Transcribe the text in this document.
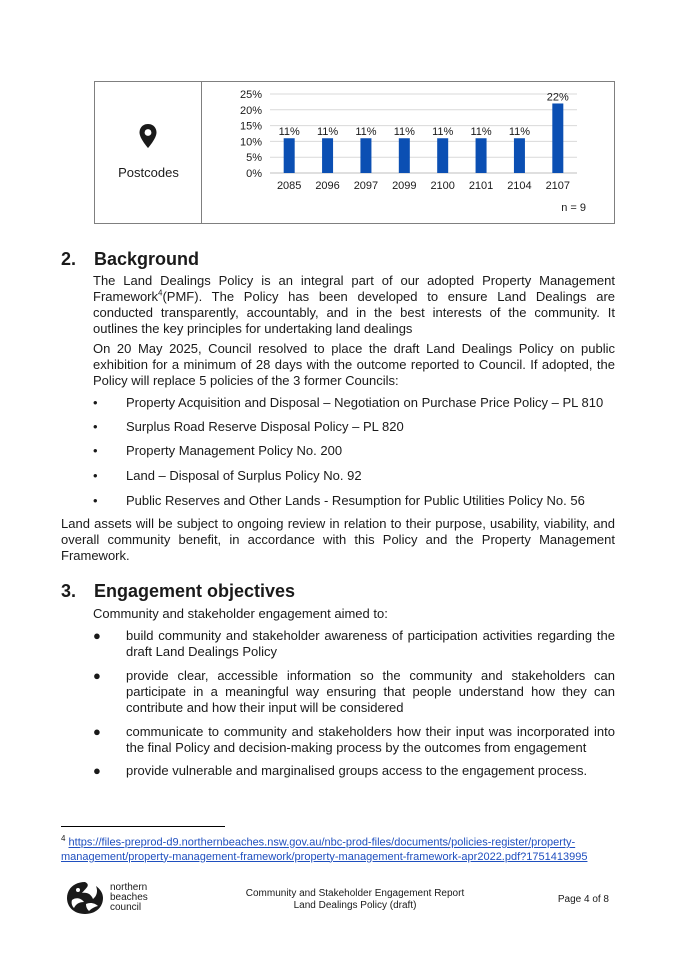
Postcodes	0%
5%
10%
15%
20%
25%
11%
2085
11%
2096
11%
2097
11%
2099
11%
2100
11%
2101
11%
2104
22%
2107
n = 9
2. Background

The Land Dealings Policy is an integral part of our adopted Property Management Framework$^4$(PMF). The Policy has been developed to ensure Land Dealings are conducted transparently, accountably, and in the best interests of the community. It outlines the key principles for undertaking land dealings

On 20 May 2025, Council resolved to place the draft Land Dealings Policy on public exhibition for a minimum of 28 days with the outcome reported to Council. If adopted, the Policy will replace 5 policies of the 3 former Councils:

• Property Acquisition and Disposal – Negotiation on Purchase Price Policy – PL 810
• Surplus Road Reserve Disposal Policy – PL 820
• Property Management Policy No. 200
• Land – Disposal of Surplus Policy No. 92
• Public Reserves and Other Lands - Resumption for Public Utilities Policy No. 56

Land assets will be subject to ongoing review in relation to their purpose, usability, viability, and overall community benefit, in accordance with this Policy and the Property Management Framework.

3. Engagement objectives

Community and stakeholder engagement aimed to:

● build community and stakeholder awareness of participation activities regarding the draft Land Dealings Policy
● provide clear, accessible information so the community and stakeholders can participate in a meaningful way ensuring that people understand how they can contribute and how their input will be considered
● communicate to community and stakeholders how their input was incorporated into the final Policy and decision-making process by the outcomes from engagement
● provide vulnerable and marginalised groups access to the engagement process.
$^4$ https://files-preprod-d9.northernbeaches.nsw.gov.au/nbc-prod-files/documents/policies-register/property-management/property-management-framework/property-management-framework-apr2022.pdf?1751413995
northern
beaches
council
Community and Stakeholder Engagement Report
Land Dealings Policy (draft)
Page 4 of 8
